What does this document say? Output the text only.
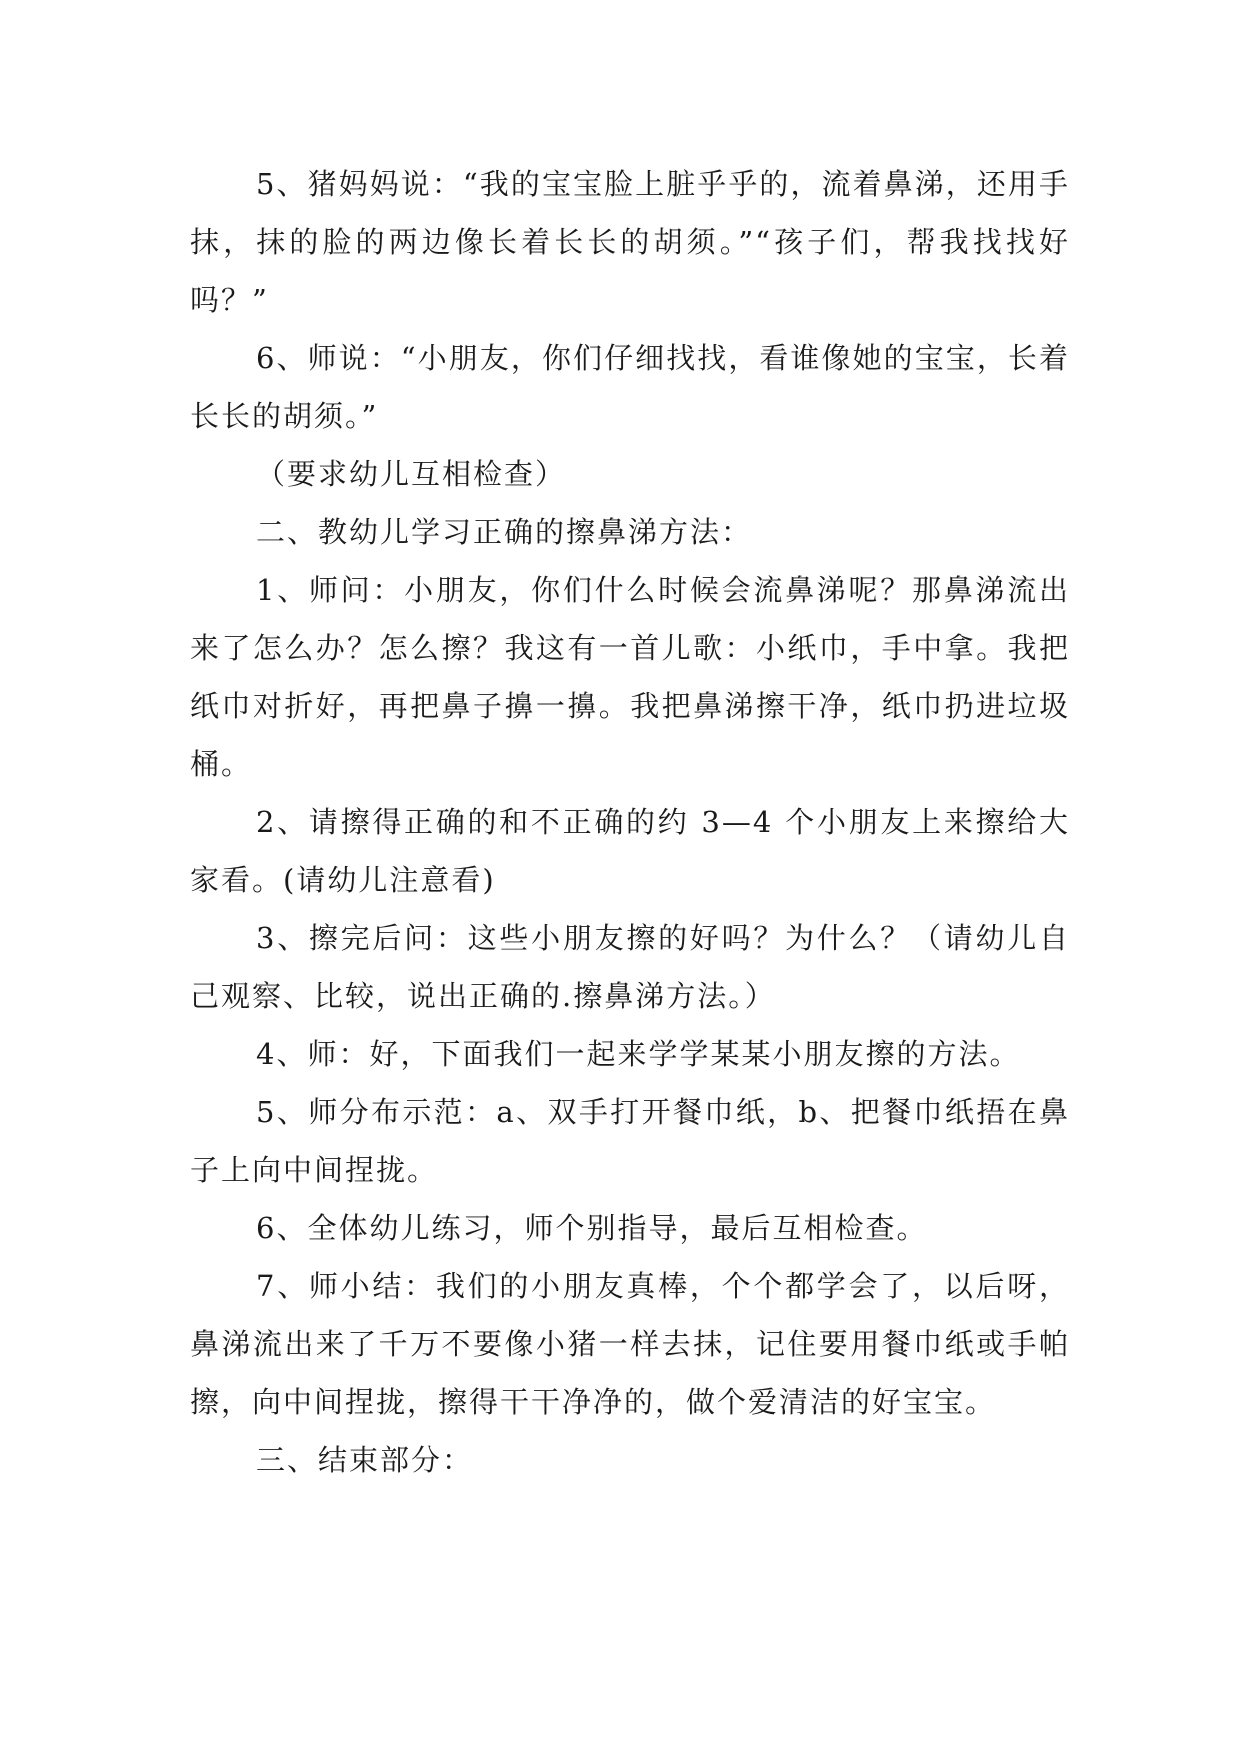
5、猪妈妈说：“我的宝宝脸上脏乎乎的，流着鼻涕，还用手抹，抹的脸的两边像长着长长的胡须。”“孩子们，帮我找找好吗？”

6、师说：“小朋友，你们仔细找找，看谁像她的宝宝，长着长长的胡须。”

（要求幼儿互相检查）

二、教幼儿学习正确的擦鼻涕方法：

1、师问：小朋友，你们什么时候会流鼻涕呢？那鼻涕流出来了怎么办？怎么擦？我这有一首儿歌：小纸巾，手中拿。我把纸巾对折好，再把鼻子擤一擤。我把鼻涕擦干净，纸巾扔进垃圾桶。

2、请擦得正确的和不正确的约 3—4 个小朋友上来擦给大家看。(请幼儿注意看)

3、擦完后问：这些小朋友擦的好吗？为什么？（请幼儿自己观察、比较，说出正确的.擦鼻涕方法。）

4、师：好，下面我们一起来学学某某小朋友擦的方法。

5、师分布示范：a、双手打开餐巾纸，b、把餐巾纸捂在鼻子上向中间捏拢。

6、全体幼儿练习，师个别指导，最后互相检查。

7、师小结：我们的小朋友真棒，个个都学会了，以后呀，鼻涕流出来了千万不要像小猪一样去抹，记住要用餐巾纸或手帕擦，向中间捏拢，擦得干干净净的，做个爱清洁的好宝宝。

三、结束部分：
